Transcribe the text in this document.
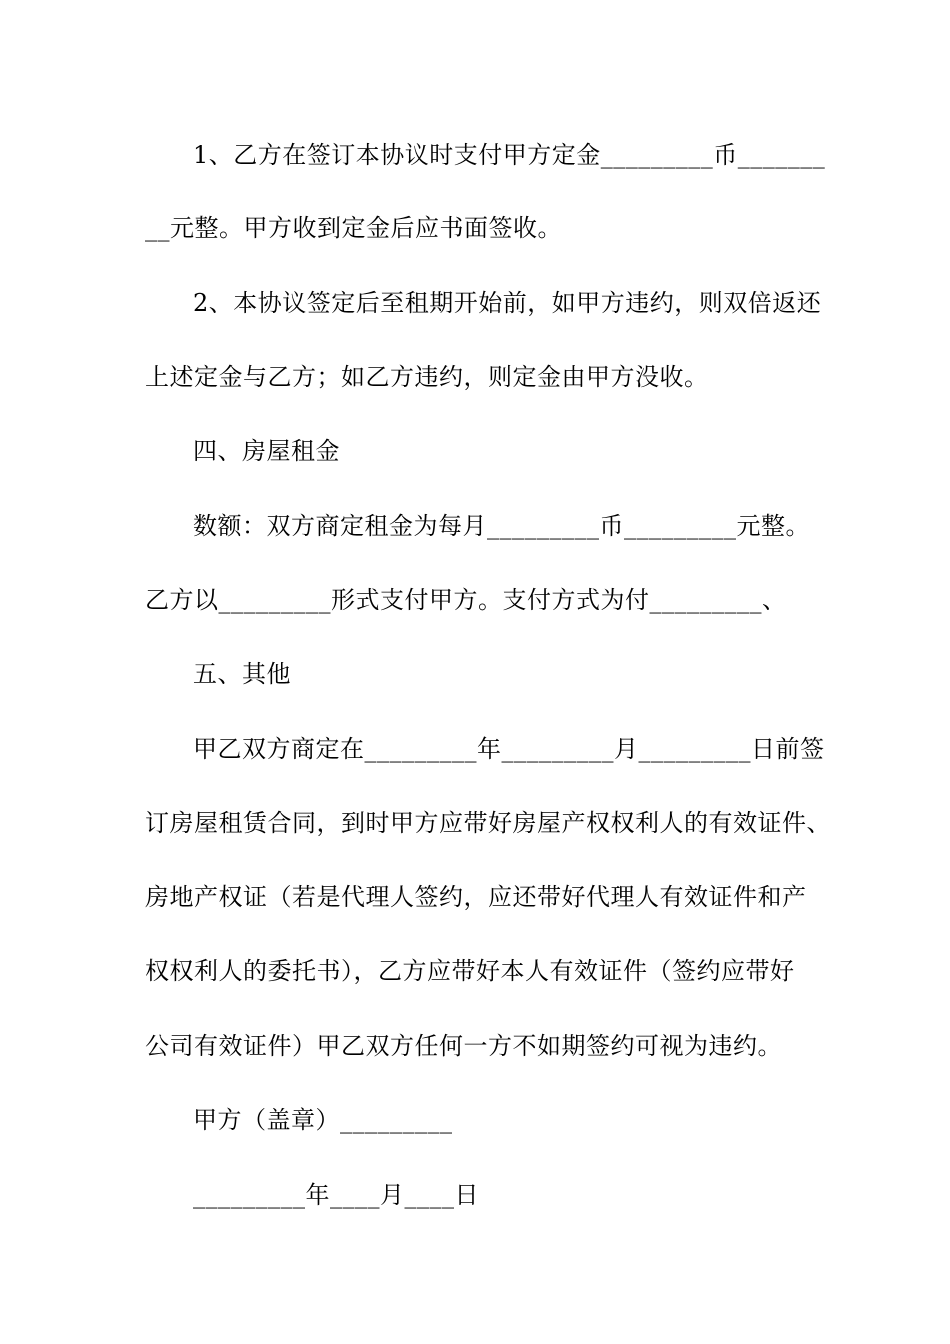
1、乙方在签订本协议时支付甲方定金_________币_______
__元整。甲方收到定金后应书面签收。
2、本协议签定后至租期开始前，如甲方违约，则双倍返还
上述定金与乙方；如乙方违约，则定金由甲方没收。
四、房屋租金
数额：双方商定租金为每月_________币_________元整。
乙方以_________形式支付甲方。支付方式为付_________、
五、其他
甲乙双方商定在_________年_________月_________日前签
订房屋租赁合同，到时甲方应带好房屋产权权利人的有效证件、
房地产权证（若是代理人签约，应还带好代理人有效证件和产
权权利人的委托书），乙方应带好本人有效证件（签约应带好
公司有效证件）甲乙双方任何一方不如期签约可视为违约。
甲方（盖章）_________
_________年____月____日
